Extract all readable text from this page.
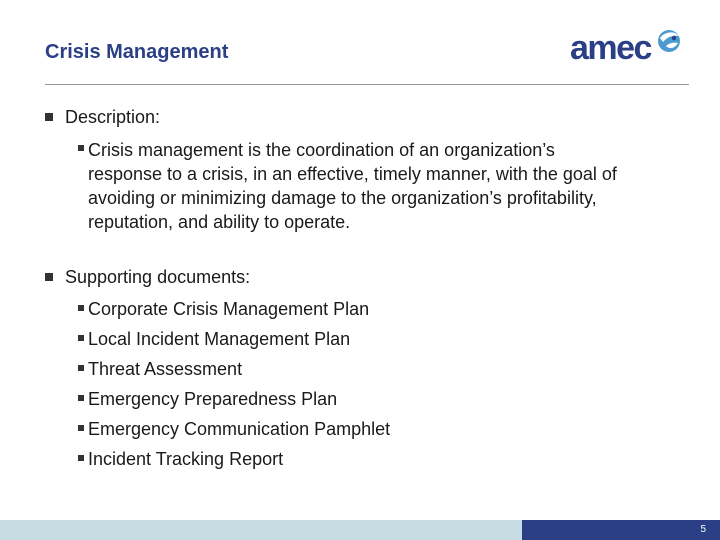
Crisis Management	amec
Description:
Crisis management is the coordination of an organization’s
response to a crisis, in an effective, timely manner, with the goal of
avoiding or minimizing damage to the organization’s profitability,
reputation, and ability to operate.
Supporting documents:
Corporate Crisis Management Plan
Local Incident Management Plan
Threat Assessment
Emergency Preparedness Plan
Emergency Communication Pamphlet
Incident Tracking Report
5
